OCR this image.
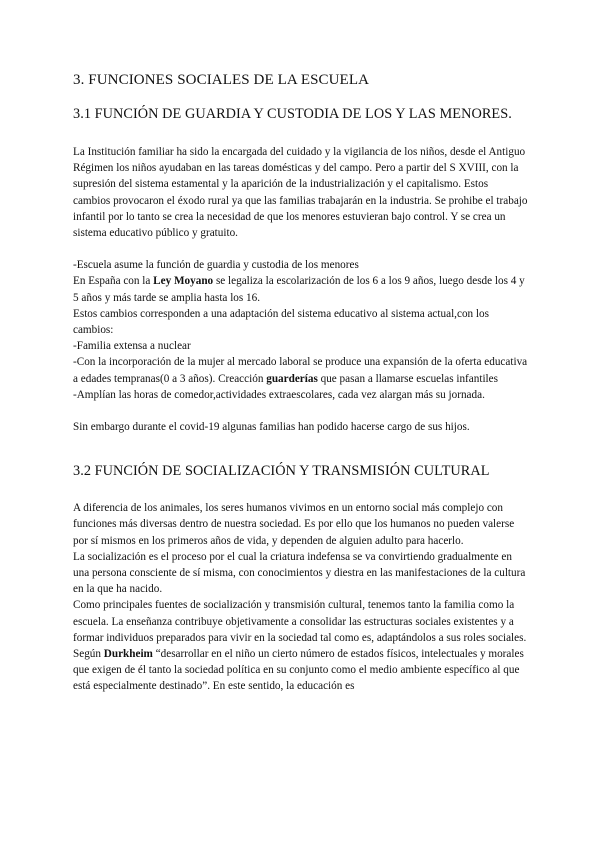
3. FUNCIONES SOCIALES DE LA ESCUELA
3.1 FUNCIÓN DE GUARDIA Y CUSTODIA DE LOS Y LAS MENORES.

La Institución familiar ha sido la encargada del cuidado y la vigilancia de los niños, desde el Antiguo Régimen los niños ayudaban en las tareas domésticas y del campo. Pero a partir del S XVIII, con la supresión del sistema estamental y la aparición de la industrialización y el capitalismo. Estos cambios provocaron el éxodo rural ya que las familias trabajarán en la industria. Se prohibe el trabajo infantil por lo tanto se crea la necesidad de que los menores estuvieran bajo control. Y se crea un sistema educativo público y gratuito.

-Escuela asume la función de guardia y custodia de los menores

En España con la Ley Moyano se legaliza la escolarización de los 6 a los 9 años, luego desde los 4 y 5 años y más tarde se amplia hasta los 16.

Estos cambios corresponden a una adaptación del sistema educativo al sistema actual,con los cambios:

-Familia extensa a nuclear

-Con la incorporación de la mujer al mercado laboral se produce una expansión de la oferta educativa a edades tempranas(0 a 3 años). Creacción guarderías que pasan a llamarse escuelas infantiles

-Amplían las horas de comedor,actividades extraescolares, cada vez alargan más su jornada.

Sin embargo durante el covid-19 algunas familias han podido hacerse cargo de sus hijos.

3.2 FUNCIÓN DE SOCIALIZACIÓN Y TRANSMISIÓN CULTURAL

A diferencia de los animales, los seres humanos vivimos en un entorno social más complejo con funciones más diversas dentro de nuestra sociedad. Es por ello que los humanos no pueden valerse por sí mismos en los primeros años de vida, y dependen de alguien adulto para hacerlo.

La socialización es el proceso por el cual la criatura indefensa se va convirtiendo gradualmente en una persona consciente de sí misma, con conocimientos y diestra en las manifestaciones de la cultura en la que ha nacido.

Como principales fuentes de socialización y transmisión cultural, tenemos tanto la familia como la escuela. La enseñanza contribuye objetivamente a consolidar las estructuras sociales existentes y a formar individuos preparados para vivir en la sociedad tal como es, adaptándolos a sus roles sociales.

Según Durkheim “desarrollar en el niño un cierto número de estados físicos, intelectuales y morales que exigen de él tanto la sociedad política en su conjunto como el medio ambiente específico al que está especialmente destinado”. En este sentido, la educación es
